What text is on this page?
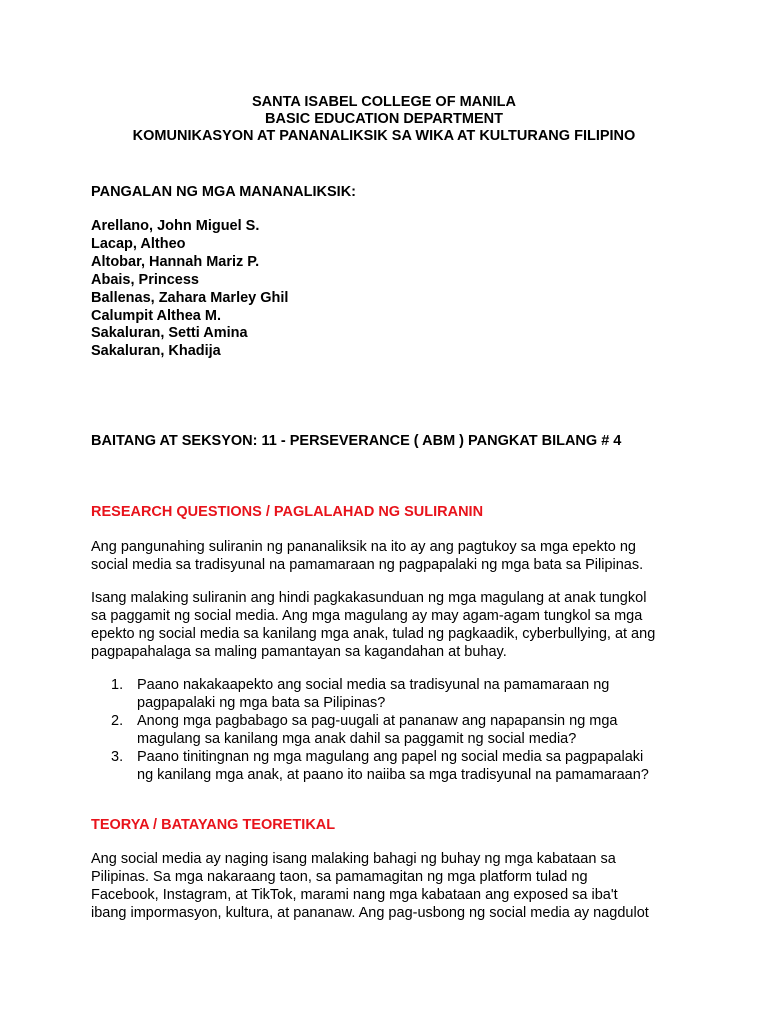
SANTA ISABEL COLLEGE OF MANILA
BASIC EDUCATION DEPARTMENT
KOMUNIKASYON AT PANANALIKSIK SA WIKA AT KULTURANG FILIPINO
PANGALAN NG MGA MANANALIKSIK:
Arellano, John Miguel S.
Lacap, Altheo
Altobar, Hannah Mariz P.
Abais, Princess
Ballenas, Zahara Marley Ghil
Calumpit Althea M.
Sakaluran, Setti Amina
Sakaluran, Khadija
BAITANG AT SEKSYON: 11 - PERSEVERANCE ( ABM ) PANGKAT BILANG # 4
RESEARCH QUESTIONS / PAGLALAHAD NG SULIRANIN
Ang pangunahing suliranin ng pananaliksik na ito ay ang pagtukoy sa mga epekto ng
social media sa tradisyunal na pamamaraan ng pagpapalaki ng mga bata sa Pilipinas.
Isang malaking suliranin ang hindi pagkakasunduan ng mga magulang at anak tungkol
sa paggamit ng social media. Ang mga magulang ay may agam-agam tungkol sa mga
epekto ng social media sa kanilang mga anak, tulad ng pagkaadik, cyberbullying, at ang
pagpapahalaga sa maling pamantayan sa kagandahan at buhay.
1. Paano nakakaapekto ang social media sa tradisyunal na pamamaraan ng
pagpapalaki ng mga bata sa Pilipinas?
2. Anong mga pagbabago sa pag-uugali at pananaw ang napapansin ng mga
magulang sa kanilang mga anak dahil sa paggamit ng social media?
3. Paano tinitingnan ng mga magulang ang papel ng social media sa pagpapalaki
ng kanilang mga anak, at paano ito naiiba sa mga tradisyunal na pamamaraan?
TEORYA / BATAYANG TEORETIKAL
Ang social media ay naging isang malaking bahagi ng buhay ng mga kabataan sa
Pilipinas. Sa mga nakaraang taon, sa pamamagitan ng mga platform tulad ng
Facebook, Instagram, at TikTok, marami nang mga kabataan ang exposed sa iba't
ibang impormasyon, kultura, at pananaw. Ang pag-usbong ng social media ay nagdulot
